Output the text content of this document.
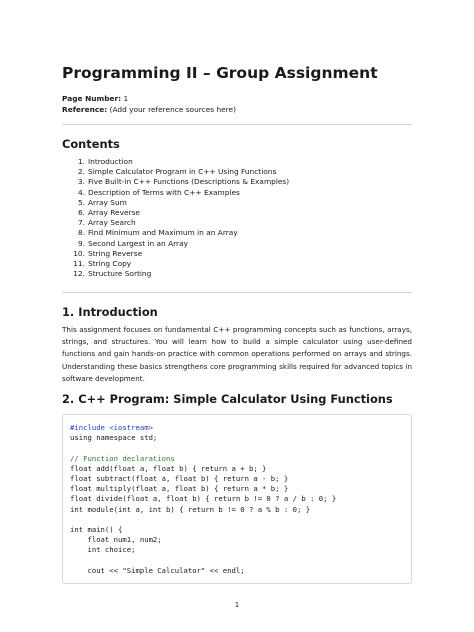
Programming II – Group Assignment
Page Number: 1
Reference: (Add your reference sources here)
Contents
1. Introduction
2. Simple Calculator Program in C++ Using Functions
3. Five Built-in C++ Functions (Descriptions & Examples)
4. Description of Terms with C++ Examples
5. Array Sum
6. Array Reverse
7. Array Search
8. Find Minimum and Maximum in an Array
9. Second Largest in an Array
10. String Reverse
11. String Copy
12. Structure Sorting
1. Introduction
This assignment focuses on fundamental C++ programming concepts such as functions, arrays, strings, and structures. You will learn how to build a simple calculator using user-defined functions and gain hands-on practice with common operations performed on arrays and strings. Understanding these basics strengthens core programming skills required for advanced topics in software development.
2. C++ Program: Simple Calculator Using Functions
#include <iostream>
using namespace std;

// Function declarations
float add(float a, float b) { return a + b; }
float subtract(float a, float b) { return a - b; }
float multiply(float a, float b) { return a * b; }
float divide(float a, float b) { return b != 0 ? a / b : 0; }
int module(int a, int b) { return b != 0 ? a % b : 0; }

int main() {
float num1, num2;
int choice;

cout << "Simple Calculator" << endl;
1
